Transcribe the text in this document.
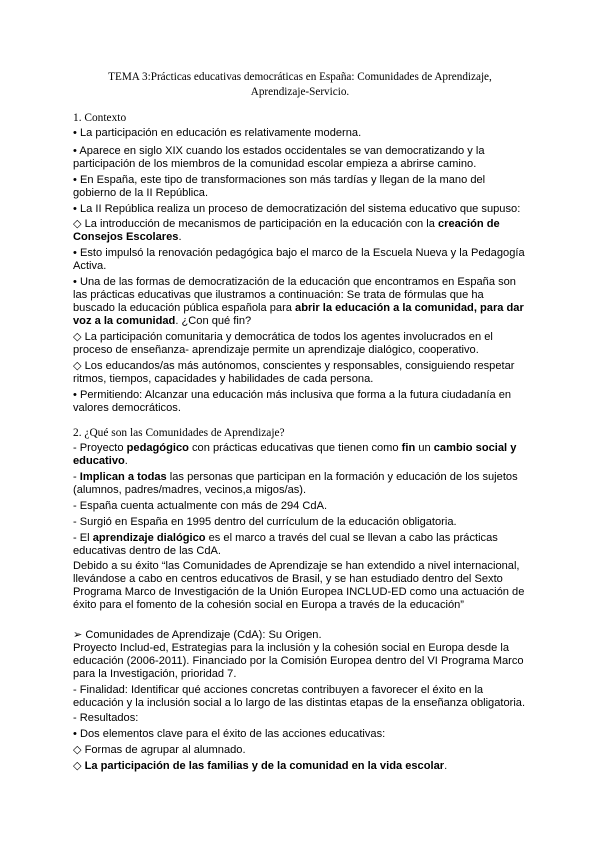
TEMA 3:Prácticas educativas democráticas en España: Comunidades de Aprendizaje,
Aprendizaje-Servicio.
1. Contexto
• La participación en educación es relativamente moderna.
• Aparece en siglo XIX cuando los estados occidentales se van democratizando y la
participación de los miembros de la comunidad escolar empieza a abrirse camino.
• En España, este tipo de transformaciones son más tardías y llegan de la mano del
gobierno de la II República.
• La II República realiza un proceso de democratización del sistema educativo que supuso:
◇ La introducción de mecanismos de participación en la educación con la creación de
Consejos Escolares.
• Esto impulsó la renovación pedagógica bajo el marco de la Escuela Nueva y la Pedagogía
Activa.
• Una de las formas de democratización de la educación que encontramos en España son
las prácticas educativas que ilustramos a continuación: Se trata de fórmulas que ha
buscado la educación pública española para abrir la educación a la comunidad, para dar
voz a la comunidad. ¿Con qué fin?
◇ La participación comunitaria y democrática de todos los agentes involucrados en el
proceso de enseñanza- aprendizaje permite un aprendizaje dialógico, cooperativo.
◇ Los educandos/as más autónomos, conscientes y responsables, consiguiendo respetar
ritmos, tiempos, capacidades y habilidades de cada persona.
• Permitiendo: Alcanzar una educación más inclusiva que forma a la futura ciudadanía en
valores democráticos.
2. ¿Qué son las Comunidades de Aprendizaje?
- Proyecto pedagógico con prácticas educativas que tienen como fin un cambio social y
educativo.
- Implican a todas las personas que participan en la formación y educación de los sujetos
(alumnos, padres/madres, vecinos,a migos/as).
- España cuenta actualmente con más de 294 CdA.
- Surgió en España en 1995 dentro del currículum de la educación obligatoria.
- El aprendizaje dialógico es el marco a través del cual se llevan a cabo las prácticas
educativas dentro de las CdA.
Debido a su éxito “las Comunidades de Aprendizaje se han extendido a nivel internacional,
llevándose a cabo en centros educativos de Brasil, y se han estudiado dentro del Sexto
Programa Marco de Investigación de la Unión Europea INCLUD-ED como una actuación de
éxito para el fomento de la cohesión social en Europa a través de la educación”
➢ Comunidades de Aprendizaje (CdA): Su Origen.
Proyecto Includ-ed, Estrategias para la inclusión y la cohesión social en Europa desde la
educación (2006-2011). Financiado por la Comisión Europea dentro del VI Programa Marco
para la Investigación, prioridad 7.
- Finalidad: Identificar qué acciones concretas contribuyen a favorecer el éxito en la
educación y la inclusión social a lo largo de las distintas etapas de la enseñanza obligatoria.
- Resultados:
• Dos elementos clave para el éxito de las acciones educativas:
◇ Formas de agrupar al alumnado.
◇ La participación de las familias y de la comunidad en la vida escolar.
